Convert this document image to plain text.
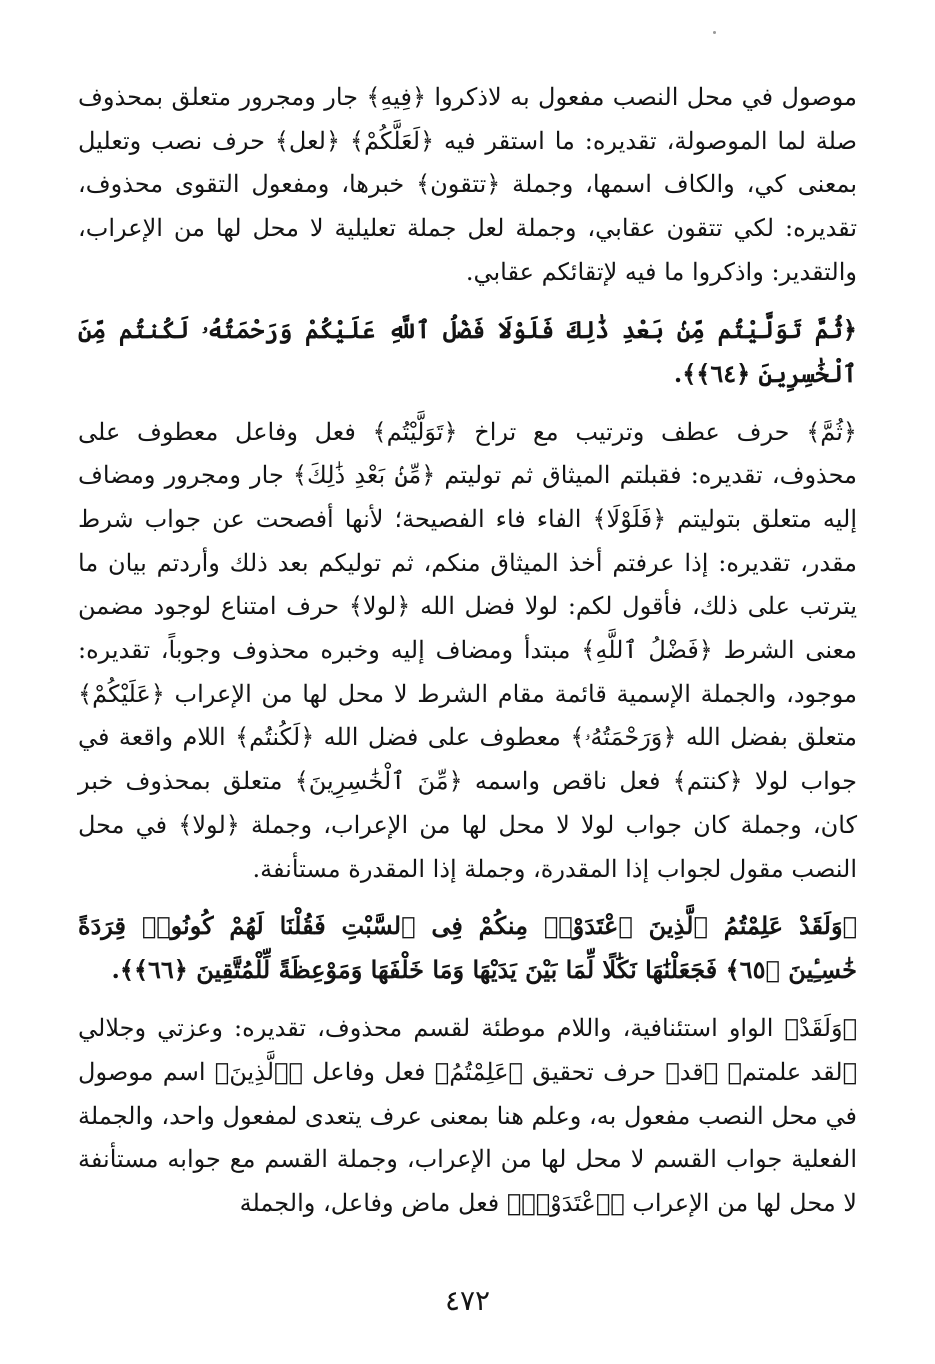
موصول في محل النصب مفعول به لاذكروا ﴿فِيهِ﴾ جار ومجرور متعلق بمحذوف صلة لما الموصولة، تقديره: ما استقر فيه ﴿لَعَلَّكُمْ﴾ ﴿لعل﴾ حرف نصب وتعليل بمعنى كي، والكاف اسمها، وجملة ﴿تتقون﴾ خبرها، ومفعول التقوى محذوف، تقديره: لكي تتقون عقابي، وجملة لعل جملة تعليلية لا محل لها من الإعراب، والتقدير: واذكروا ما فيه لإتقائكم عقابي.

﴿ثُمَّ تَوَلَّيْتُم مِّنۢ بَعْدِ ذَٰلِكَ فَلَوْلَا فَضْلُ ٱللَّهِ عَلَيْكُمْ وَرَحْمَتُهُۥ لَكُنتُم مِّنَ ٱلْخَٰسِرِينَ ﴿٦٤﴾﴾.

﴿ثُمَّ﴾ حرف عطف وترتيب مع تراخ ﴿تَوَلَّيْتُم﴾ فعل وفاعل معطوف على محذوف، تقديره: فقبلتم الميثاق ثم توليتم ﴿مِّنۢ بَعْدِ ذَٰلِكَ﴾ جار ومجرور ومضاف إليه متعلق بتوليتم ﴿فَلَوْلَا﴾ الفاء فاء الفصيحة؛ لأنها أفصحت عن جواب شرط مقدر، تقديره: إذا عرفتم أخذ الميثاق منكم، ثم توليكم بعد ذلك وأردتم بيان ما يترتب على ذلك، فأقول لكم: لولا فضل الله ﴿لولا﴾ حرف امتناع لوجود مضمن معنى الشرط ﴿فَضْلُ ٱللَّهِ﴾ مبتدأ ومضاف إليه وخبره محذوف وجوباً، تقديره: موجود، والجملة الإسمية قائمة مقام الشرط لا محل لها من الإعراب ﴿عَلَيْكُمْ﴾ متعلق بفضل الله ﴿وَرَحْمَتُهُۥ﴾ معطوف على فضل الله ﴿لَكُنتُم﴾ اللام واقعة في جواب لولا ﴿كنتم﴾ فعل ناقص واسمه ﴿مِّنَ ٱلْخَٰسِرِينَ﴾ متعلق بمحذوف خبر كان، وجملة كان جواب لولا لا محل لها من الإعراب، وجملة ﴿لولا﴾ في محل النصب مقول لجواب إذا المقدرة، وجملة إذا المقدرة مستأنفة.

﴿وَلَقَدْ عَلِمْتُمُ ٱلَّذِينَ ٱعْتَدَوْا۟ مِنكُمْ فِى ٱلسَّبْتِ فَقُلْنَا لَهُمْ كُونُوا۟ قِرَدَةً خَٰسِـِٔينَ ﴿٦٥﴾ فَجَعَلْنَٰهَا نَكَٰلًا لِّمَا بَيْنَ يَدَيْهَا وَمَا خَلْفَهَا وَمَوْعِظَةً لِّلْمُتَّقِينَ ﴿٦٦﴾﴾.

﴿وَلَقَدْ﴾ الواو استئنافية، واللام موطئة لقسم محذوف، تقديره: وعزتي وجلالي ﴿لقد علمتم﴾ ﴿قد﴾ حرف تحقيق ﴿عَلِمْتُمُ﴾ فعل وفاعل ﴿ٱلَّذِينَ﴾ اسم موصول في محل النصب مفعول به، وعلم هنا بمعنى عرف يتعدى لمفعول واحد، والجملة الفعلية جواب القسم لا محل لها من الإعراب، وجملة القسم مع جوابه مستأنفة لا محل لها من الإعراب ﴿ٱعْتَدَوْا۟﴾ فعل ماض وفاعل، والجملة

٤٧٢
